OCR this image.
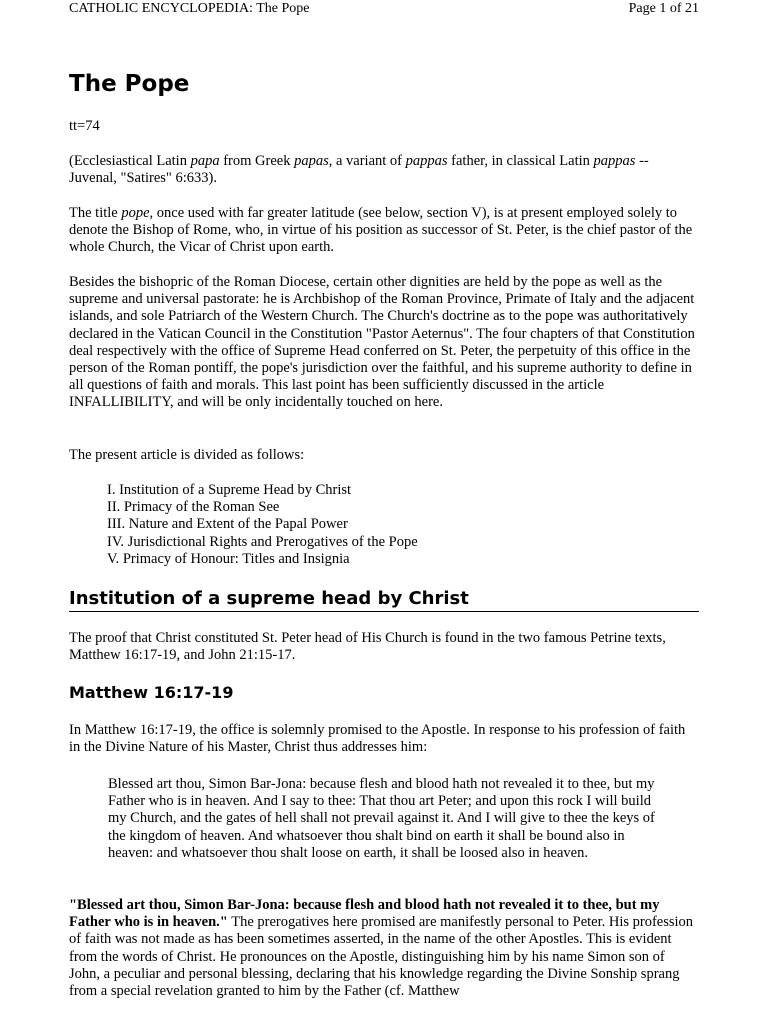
CATHOLIC ENCYCLOPEDIA: The Pope	Page 1 of 21
The Pope

tt=74

(Ecclesiastical Latin papa from Greek papas, a variant of pappas father, in classical Latin pappas -- Juvenal, "Satires" 6:633).

The title pope, once used with far greater latitude (see below, section V), is at present employed solely to denote the Bishop of Rome, who, in virtue of his position as successor of St. Peter, is the chief pastor of the whole Church, the Vicar of Christ upon earth.

Besides the bishopric of the Roman Diocese, certain other dignities are held by the pope as well as the supreme and universal pastorate: he is Archbishop of the Roman Province, Primate of Italy and the adjacent islands, and sole Patriarch of the Western Church. The Church's doctrine as to the pope was authoritatively declared in the Vatican Council in the Constitution "Pastor Aeternus". The four chapters of that Constitution deal respectively with the office of Supreme Head conferred on St. Peter, the perpetuity of this office in the person of the Roman pontiff, the pope's jurisdiction over the faithful, and his supreme authority to define in all questions of faith and morals. This last point has been sufficiently discussed in the article INFALLIBILITY, and will be only incidentally touched on here.

The present article is divided as follows:

I. Institution of a Supreme Head by Christ
II. Primacy of the Roman See
III. Nature and Extent of the Papal Power
IV. Jurisdictional Rights and Prerogatives of the Pope
V. Primacy of Honour: Titles and Insignia
Institution of a supreme head by Christ

The proof that Christ constituted St. Peter head of His Church is found in the two famous Petrine texts, Matthew 16:17-19, and John 21:15-17.

Matthew 16:17-19

In Matthew 16:17-19, the office is solemnly promised to the Apostle. In response to his profession of faith in the Divine Nature of his Master, Christ thus addresses him:

Blessed art thou, Simon Bar-Jona: because flesh and blood hath not revealed it to thee, but my Father who is in heaven. And I say to thee: That thou art Peter; and upon this rock I will build my Church, and the gates of hell shall not prevail against it. And I will give to thee the keys of the kingdom of heaven. And whatsoever thou shalt bind on earth it shall be bound also in heaven: and whatsoever thou shalt loose on earth, it shall be loosed also in heaven.

"Blessed art thou, Simon Bar-Jona: because flesh and blood hath not revealed it to thee, but my Father who is in heaven." The prerogatives here promised are manifestly personal to Peter. His profession of faith was not made as has been sometimes asserted, in the name of the other Apostles. This is evident from the words of Christ. He pronounces on the Apostle, distinguishing him by his name Simon son of John, a peculiar and personal blessing, declaring that his knowledge regarding the Divine Sonship sprang from a special revelation granted to him by the Father (cf. Matthew
